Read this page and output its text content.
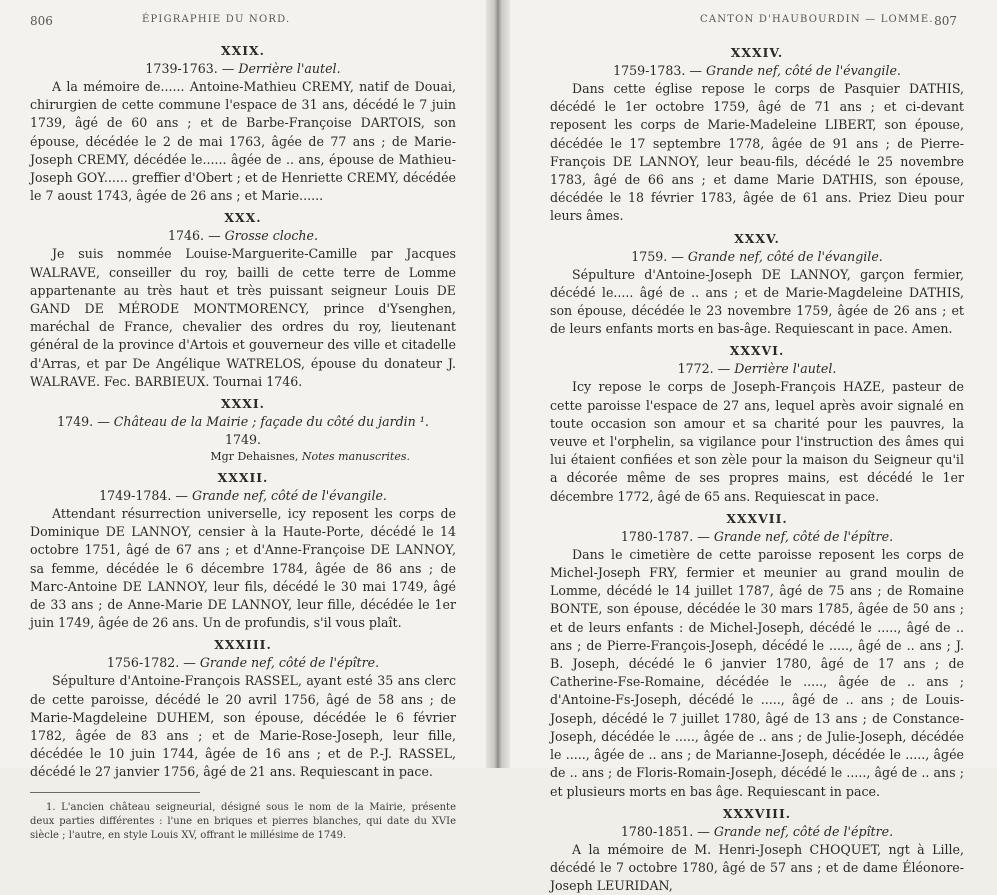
806	ÉPIGRAPHIE DU NORD.
XXIX.
1739-1763. — Derrière l'autel.

A la mémoire de...... Antoine-Mathieu CREMY, natif de Douai, chirurgien de cette commune l'espace de 31 ans, décédé le 7 juin 1739, âgé de 60 ans ; et de Barbe-Françoise DARTOIS, son épouse, décédée le 2 de mai 1763, âgée de 77 ans ; de Marie-Joseph CREMY, décédée le...... âgée de .. ans, épouse de Mathieu-Joseph GOY...... greffier d'Obert ; et de Henriette CREMY, décédée le 7 aoust 1743, âgée de 26 ans ; et Marie......

XXX.
1746. — Grosse cloche.

Je suis nommée Louise-Marguerite-Camille par Jacques WALRAVE, conseiller du roy, bailli de cette terre de Lomme appartenante au très haut et très puissant seigneur Louis DE GAND DE MÉRODE MONTMORENCY, prince d'Ysenghen, maréchal de France, chevalier des ordres du roy, lieutenant général de la province d'Artois et gouverneur des ville et citadelle d'Arras, et par De Angélique WATRELOS, épouse du donateur J. WALRAVE. Fec. BARBIEUX. Tournai 1746.

XXXI.
1749. — Château de la Mairie ; façade du côté du jardin ¹.
1749.
Mgr Dehaisnes, Notes manuscrites.
XXXII.
1749-1784. — Grande nef, côté de l'évangile.

Attendant résurrection universelle, icy reposent les corps de Dominique DE LANNOY, censier à la Haute-Porte, décédé le 14 octobre 1751, âgé de 67 ans ; et d'Anne-Françoise DE LANNOY, sa femme, décédée le 6 décembre 1784, âgée de 86 ans ; de Marc-Antoine DE LANNOY, leur fils, décédé le 30 mai 1749, âgé de 33 ans ; de Anne-Marie DE LANNOY, leur fille, décédée le 1er juin 1749, âgée de 26 ans. Un de profundis, s'il vous plaît.

XXXIII.
1756-1782. — Grande nef, côté de l'épître.

Sépulture d'Antoine-François RASSEL, ayant esté 35 ans clerc de cette paroisse, décédé le 20 avril 1756, âgé de 58 ans ; de Marie-Magdeleine DUHEM, son épouse, décédée le 6 février 1782, âgée de 83 ans ; et de Marie-Rose-Joseph, leur fille, décédée le 10 juin 1744, âgée de 16 ans ; et de P.-J. RASSEL, décédé le 27 janvier 1756, âgé de 21 ans. Requiescant in pace.

1. L'ancien château seigneurial, désigné sous le nom de la Mairie, présente deux parties différentes : l'une en briques et pierres blanches, qui date du XVIe siècle ; l'autre, en style Louis XV, offrant le millésime de 1749.
CANTON D'HAUBOURDIN — LOMME. 807
XXXIV.
1759-1783. — Grande nef, côté de l'évangile.

Dans cette église repose le corps de Pasquier DATHIS, décédé le 1er octobre 1759, âgé de 71 ans ; et ci-devant reposent les corps de Marie-Madeleine LIBERT, son épouse, décédée le 17 septembre 1778, âgée de 91 ans ; de Pierre-François DE LANNOY, leur beau-fils, décédé le 25 novembre 1783, âgé de 66 ans ; et dame Marie DATHIS, son épouse, décédée le 18 février 1783, âgée de 61 ans. Priez Dieu pour leurs âmes.

XXXV.
1759. — Grande nef, côté de l'évangile.

Sépulture d'Antoine-Joseph DE LANNOY, garçon fermier, décédé le..... âgé de .. ans ; et de Marie-Magdeleine DATHIS, son épouse, décédée le 23 novembre 1759, âgée de 26 ans ; et de leurs enfants morts en bas-âge. Requiescant in pace. Amen.

XXXVI.
1772. — Derrière l'autel.

Icy repose le corps de Joseph-François HAZE, pasteur de cette paroisse l'espace de 27 ans, lequel après avoir signalé en toute occasion son amour et sa charité pour les pauvres, la veuve et l'orphelin, sa vigilance pour l'instruction des âmes qui lui étaient confiées et son zèle pour la maison du Seigneur qu'il a décorée même de ses propres mains, est décédé le 1er décembre 1772, âgé de 65 ans. Requiescat in pace.

XXXVII.
1780-1787. — Grande nef, côté de l'épître.

Dans le cimetière de cette paroisse reposent les corps de Michel-Joseph FRY, fermier et meunier au grand moulin de Lomme, décédé le 14 juillet 1787, âgé de 75 ans ; de Romaine BONTE, son épouse, décédée le 30 mars 1785, âgée de 50 ans ; et de leurs enfants : de Michel-Joseph, décédé le ....., âgé de .. ans ; de Pierre-François-Joseph, décédé le ....., âgé de .. ans ; J. B. Joseph, décédé le 6 janvier 1780, âgé de 17 ans ; de Catherine-Fse-Romaine, décédée le ....., âgée de .. ans ; d'Antoine-Fs-Joseph, décédé le ....., âgé de .. ans ; de Louis-Joseph, décédé le 7 juillet 1780, âgé de 13 ans ; de Constance-Joseph, décédée le ....., âgée de .. ans ; de Julie-Joseph, décédée le ....., âgée de .. ans ; de Marianne-Joseph, décédée le ....., âgée de .. ans ; de Floris-Romain-Joseph, décédé le ....., âgé de .. ans ; et plusieurs morts en bas âge. Requiescant in pace.

XXXVIII.
1780-1851. — Grande nef, côté de l'épître.

A la mémoire de M. Henri-Joseph CHOQUET, ngt à Lille, décédé le 7 octobre 1780, âgé de 57 ans ; et de dame Éléonore-Joseph LEURIDAN,
